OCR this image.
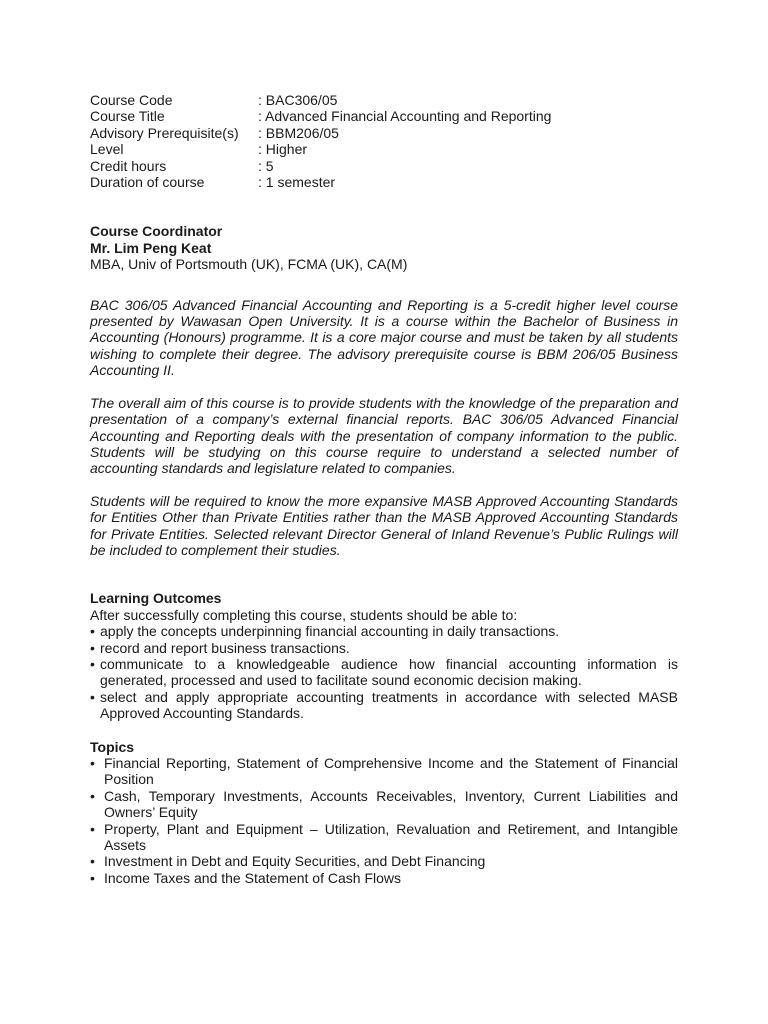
Course Code	: BAC306/05
Course Title	: Advanced Financial Accounting and Reporting
Advisory Prerequisite(s)	: BBM206/05
Level	: Higher
Credit hours	: 5
Duration of course	: 1 semester
Course Coordinator
Mr. Lim Peng Keat
MBA, Univ of Portsmouth (UK), FCMA (UK), CA(M)

BAC 306/05 Advanced Financial Accounting and Reporting is a 5-credit higher level course presented by Wawasan Open University. It is a course within the Bachelor of Business in Accounting (Honours) programme. It is a core major course and must be taken by all students wishing to complete their degree. The advisory prerequisite course is BBM 206/05 Business Accounting II.

The overall aim of this course is to provide students with the knowledge of the preparation and presentation of a company’s external financial reports. BAC 306/05 Advanced Financial Accounting and Reporting deals with the presentation of company information to the public. Students will be studying on this course require to understand a selected number of accounting standards and legislature related to companies.

Students will be required to know the more expansive MASB Approved Accounting Standards for Entities Other than Private Entities rather than the MASB Approved Accounting Standards for Private Entities. Selected relevant Director General of Inland Revenue’s Public Rulings will be included to complement their studies.

Learning Outcomes
After successfully completing this course, students should be able to:
• apply the concepts underpinning financial accounting in daily transactions.
• record and report business transactions.
• communicate to a knowledgeable audience how financial accounting information is generated, processed and used to facilitate sound economic decision making.
• select and apply appropriate accounting treatments in accordance with selected MASB Approved Accounting Standards.
Topics
• Financial Reporting, Statement of Comprehensive Income and the Statement of Financial Position
• Cash, Temporary Investments, Accounts Receivables, Inventory, Current Liabilities and Owners’ Equity
• Property, Plant and Equipment – Utilization, Revaluation and Retirement, and Intangible Assets
• Investment in Debt and Equity Securities, and Debt Financing
• Income Taxes and the Statement of Cash Flows
